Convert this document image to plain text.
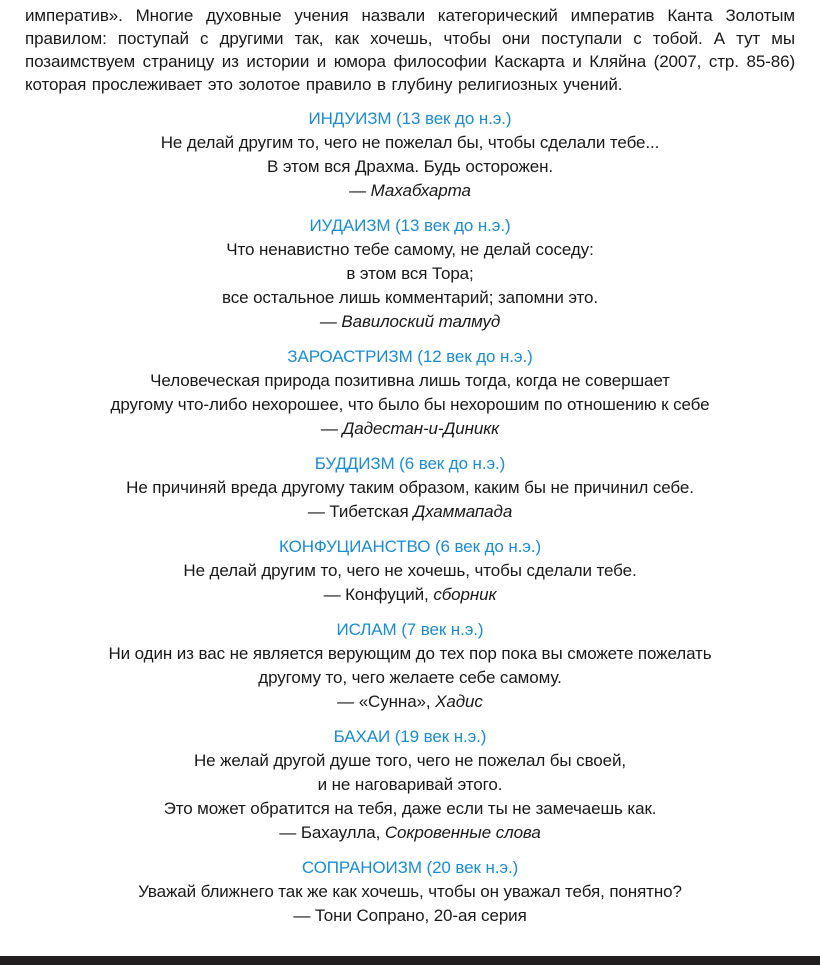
императив». Многие духовные учения назвали категорический императив Канта Золотым правилом: поступай с другими так, как хочешь, чтобы они поступали с тобой. А тут мы позаимствуем страницу из истории и юмора философии Каскарта и Кляйна (2007, стр. 85-86) которая прослеживает это золотое правило в глубину религиозных учений.

ИНДУИЗМ (13 век до н.э.)
Не делай другим то, чего не пожелал бы, чтобы сделали тебе...
В этом вся Драхма. Будь осторожен.
— Махабхарта
ИУДАИЗМ (13 век до н.э.)
Что ненавистно тебе самому, не делай соседу:
в этом вся Тора;
все остальное лишь комментарий; запомни это.
— Вавилоский талмуд
ЗАРОАСТРИЗМ (12 век до н.э.)
Человеческая природа позитивна лишь тогда, когда не совершает
другому что-либо нехорошее, что было бы нехорошим по отношению к себе
— Дадестан-и-Диникк
БУДДИЗМ (6 век до н.э.)
Не причиняй вреда другому таким образом, каким бы не причинил себе.
— Тибетская Дхаммапада
КОНФУЦИАНСТВО (6 век до н.э.)
Не делай другим то, чего не хочешь, чтобы сделали тебе.
— Конфуций, сборник
ИСЛАМ (7 век н.э.)
Ни один из вас не является верующим до тех пор пока вы сможете пожелать
другому то, чего желаете себе самому.
— «Сунна», Хадис
БАХАИ (19 век н.э.)
Не желай другой душе того, чего не пожелал бы своей,
и не наговаривай этого.
Это может обратится на тебя, даже если ты не замечаешь как.
— Бахаулла, Сокровенные слова
СОПРАНОИЗМ (20 век н.э.)
Уважай ближнего так же как хочешь, чтобы он уважал тебя, понятно?
— Тони Сопрано, 20-ая серия
